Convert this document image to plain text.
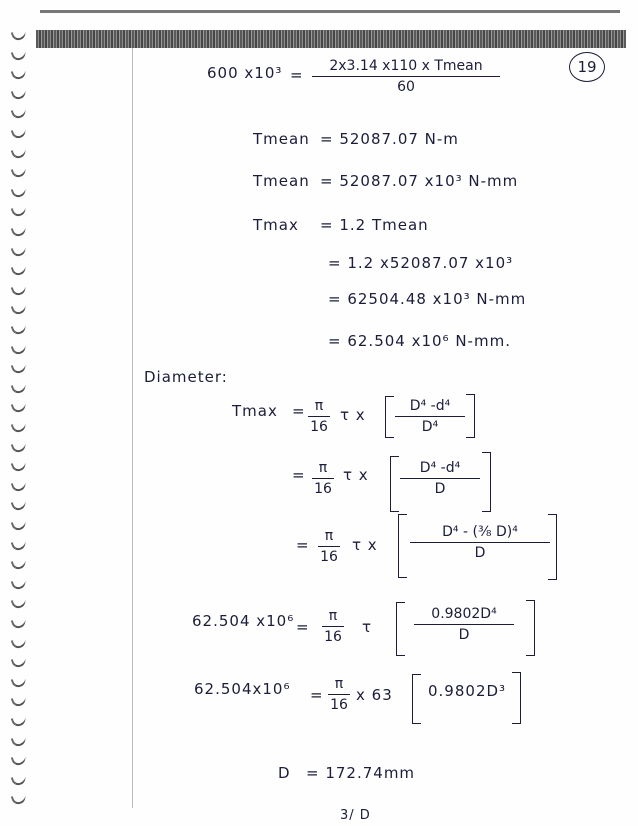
19
600 x10³ =	2x3.14 x110 x Tmean
60
Tmean = 52087.07 N-m
Tmean = 52087.07 x10³ N-mm
Tmax = 1.2 Tmean
= 1.2 x52087.07 x10³
= 62504.48 x10³ N-mm
= 62.504 x10⁶ N-mm.
Diameter:
$Tmax = \frac{\pi}{16}$ τ x $\frac{\text{D⁴ -d⁴}}{\text{D⁴}}$
= $\frac{\pi}{16}$ τ x $\frac{\text{D⁴ -d⁴}}{D}$
= $\frac{\pi}{16}$ τ x $\frac{\text{D⁴ - (³⁄₈ D)⁴}}{D}$
62.504 $x10^6 = \frac{\pi}{16}$ τ	$\frac{\text{0.9802D⁴}}{D}$
$62.504x10^6 = \frac{\pi}{16}$ x 63 0.9802D³
D = 172.74mm
3/ D
